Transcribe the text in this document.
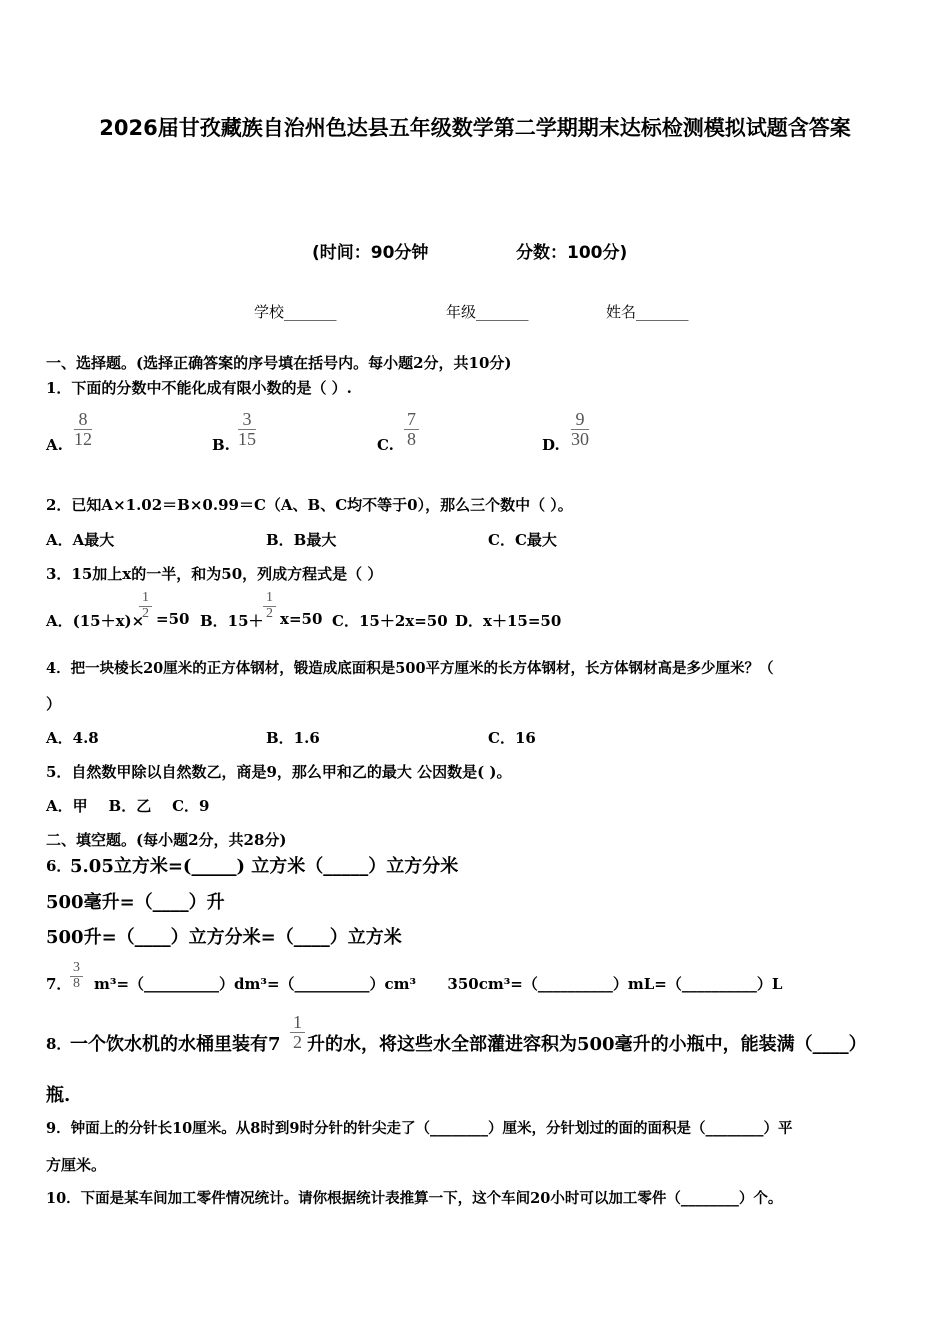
2026届甘孜藏族自治州色达县五年级数学第二学期期末达标检测模拟试题含答案
(时间：90分钟	分数：100分)
学校_______	年级_______	姓名_______
一、选择题。(选择正确答案的序号填在括号内。每小题2分，共10分)
1．下面的分数中不能化成有限小数的是（ ）.
A. $\frac{8}{12}$	B. $\frac{3}{15}$	C. $\frac{7}{8}$	D. $\frac{9}{30}$
2．已知A×1.02＝B×0.99＝C（A、B、C均不等于0），那么三个数中（ ）。
A．A最大	B．B最大	C．C最大
3．15加上x的一半，和为50，列成方程式是（ ）
A．(15＋x)×
$\frac{1}{2} =50$ B．$15+ \frac{1}{2} x=50$ C．15＋2x=50 D．x＋15=50
4．把一块棱长20厘米的正方体钢材，锻造成底面积是500平方厘米的长方体钢材，长方体钢材高是多少厘米？（
）
A．4.8	B．1.6	C．16
5．自然数甲除以自然数乙，商是9，那么甲和乙的最大 公因数是( )。
A．甲    B．乙    C．9
二、填空题。(每小题2分，共28分)
6．
5.05立方米=(_____) 立方米（_____）立方分米
500毫升=（____）升
500升=（____）立方分米=（____）立方米
7．
$\frac{3}{8}$ m³=（__________）dm³=（__________）cm³      350cm³=（__________）mL=（__________）L
8．
一个饮水机的水桶里装有$7 \frac{1}{2}$ 升的水，将这些水全部灌进容积为500毫升的小瓶中，能装满（____）
瓶.
9．钟面上的分针长10厘米。从8时到9时分针的针尖走了（________）厘米，分针划过的面的面积是（________）平
方厘米。
10．下面是某车间加工零件情况统计。请你根据统计表推算一下，这个车间20小时可以加工零件（________）个。
